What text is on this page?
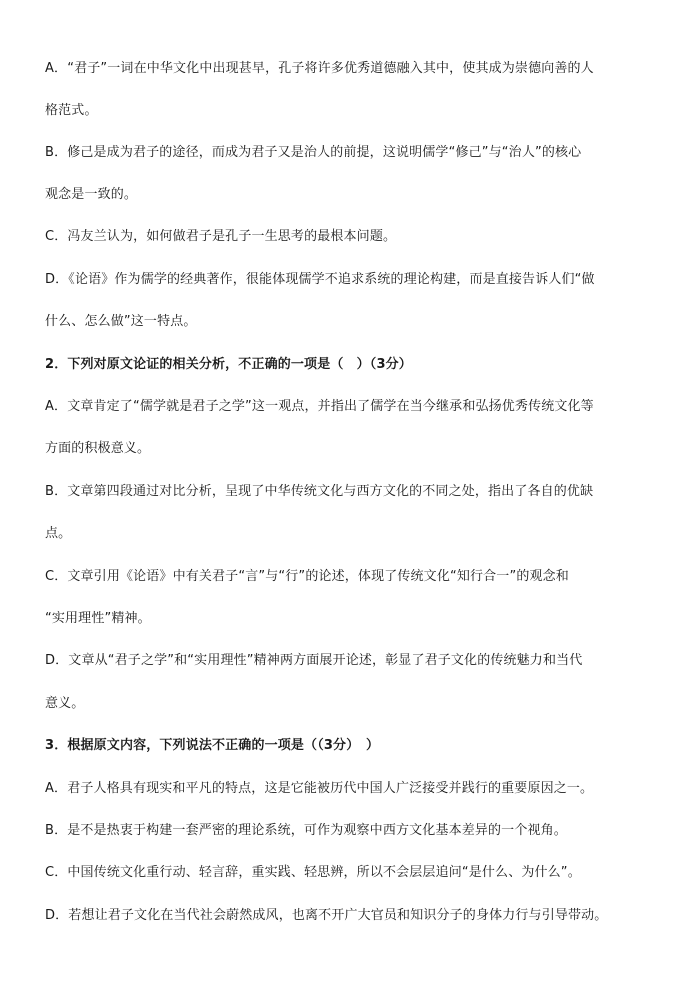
A．“君子”一词在中华文化中出现甚早，孔子将许多优秀道德融入其中，使其成为崇德向善的人
格范式。
B．修己是成为君子的途径，而成为君子又是治人的前提，这说明儒学“修己”与“治人”的核心
观念是一致的。
C．冯友兰认为，如何做君子是孔子一生思考的最根本问题。
D．《论语》作为儒学的经典著作，很能体现儒学不追求系统的理论构建，而是直接告诉人们“做
什么、怎么做”这一特点。
2．下列对原文论证的相关分析，不正确的一项是（　）（3分）
A．文章肯定了“儒学就是君子之学”这一观点，并指出了儒学在当今继承和弘扬优秀传统文化等
方面的积极意义。
B．文章第四段通过对比分析，呈现了中华传统文化与西方文化的不同之处，指出了各自的优缺
点。
C．文章引用《论语》中有关君子“言”与“行”的论述，体现了传统文化“知行合一”的观念和
“实用理性”精神。
D．文章从“君子之学”和“实用理性”精神两方面展开论述，彰显了君子文化的传统魅力和当代
意义。
3．根据原文内容，下列说法不正确的一项是（（3分）　）
A．君子人格具有现实和平凡的特点，这是它能被历代中国人广泛接受并践行的重要原因之一。
B．是不是热衷于构建一套严密的理论系统，可作为观察中西方文化基本差异的一个视角。
C．中国传统文化重行动、轻言辞，重实践、轻思辨，所以不会层层追问“是什么、为什么”。
D．若想让君子文化在当代社会蔚然成风，也离不开广大官员和知识分子的身体力行与引导带动。
